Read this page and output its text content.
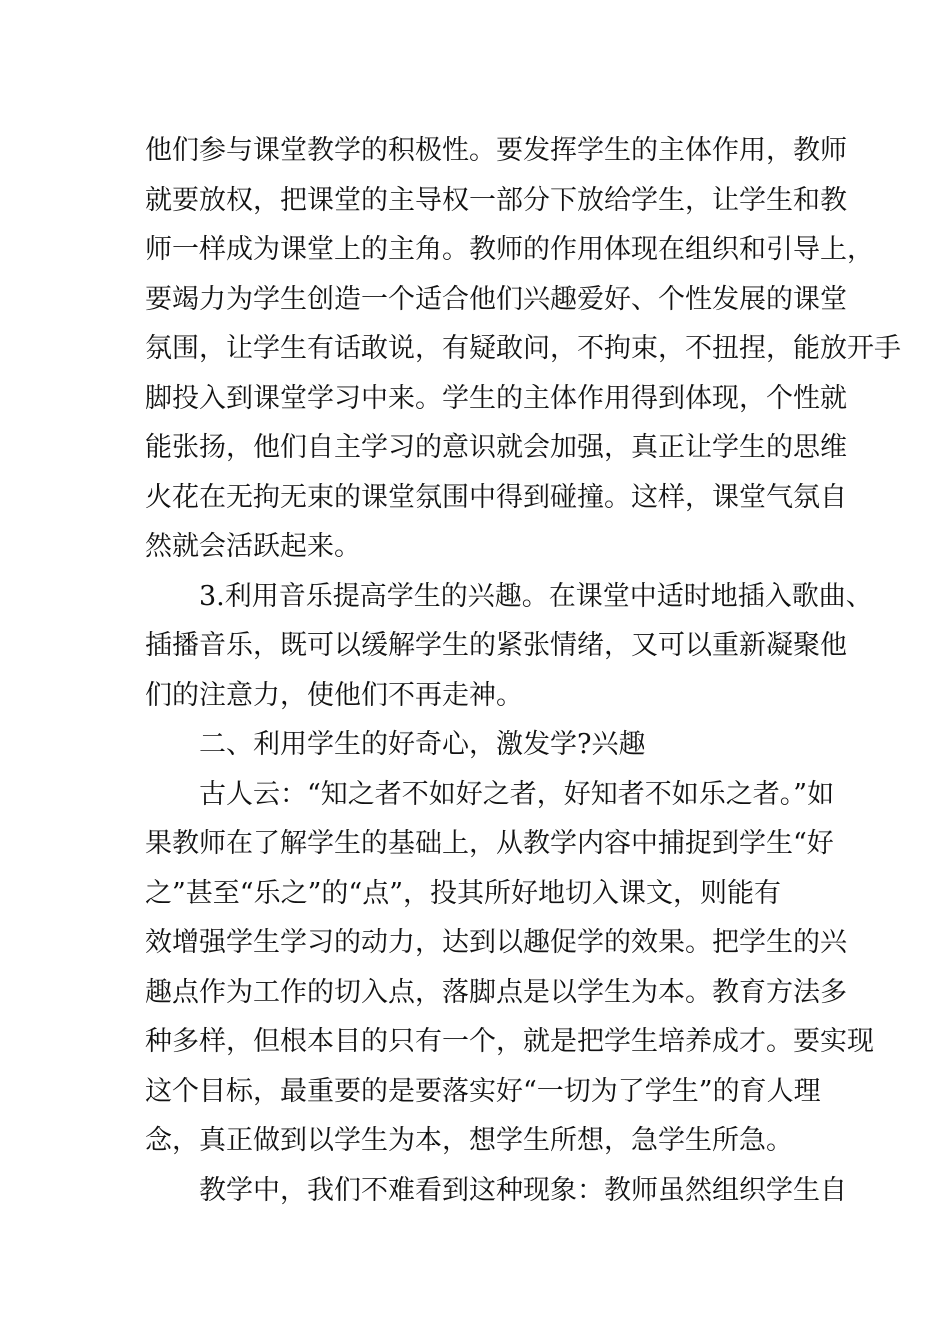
他们参与课堂教学的积极性。要发挥学生的主体作用，教师
就要放权，把课堂的主导权一部分下放给学生，让学生和教
师一样成为课堂上的主角。教师的作用体现在组织和引导上，
要竭力为学生创造一个适合他们兴趣爱好、个性发展的课堂
氛围，让学生有话敢说，有疑敢问，不拘束，不扭捏，能放开手
脚投入到课堂学习中来。学生的主体作用得到体现，个性就
能张扬，他们自主学习的意识就会加强，真正让学生的思维
火花在无拘无束的课堂氛围中得到碰撞。这样，课堂气氛自
然就会活跃起来。
3.利用音乐提高学生的兴趣。在课堂中适时地插入歌曲、
插播音乐，既可以缓解学生的紧张情绪，又可以重新凝聚他
们的注意力，使他们不再走神。
二、利用学生的好奇心，激发学?兴趣
古人云：“知之者不如好之者，好知者不如乐之者。”如
果教师在了解学生的基础上，从教学内容中捕捉到学生“好
之”甚至“乐之”的“点”，投其所好地切入课文，则能有
效增强学生学习的动力，达到以趣促学的效果。把学生的兴
趣点作为工作的切入点，落脚点是以学生为本。教育方法多
种多样，但根本目的只有一个，就是把学生培养成才。要实现
这个目标，最重要的是要落实好“一切为了学生”的育人理
念，真正做到以学生为本，想学生所想，急学生所急。
教学中，我们不难看到这种现象：教师虽然组织学生自
